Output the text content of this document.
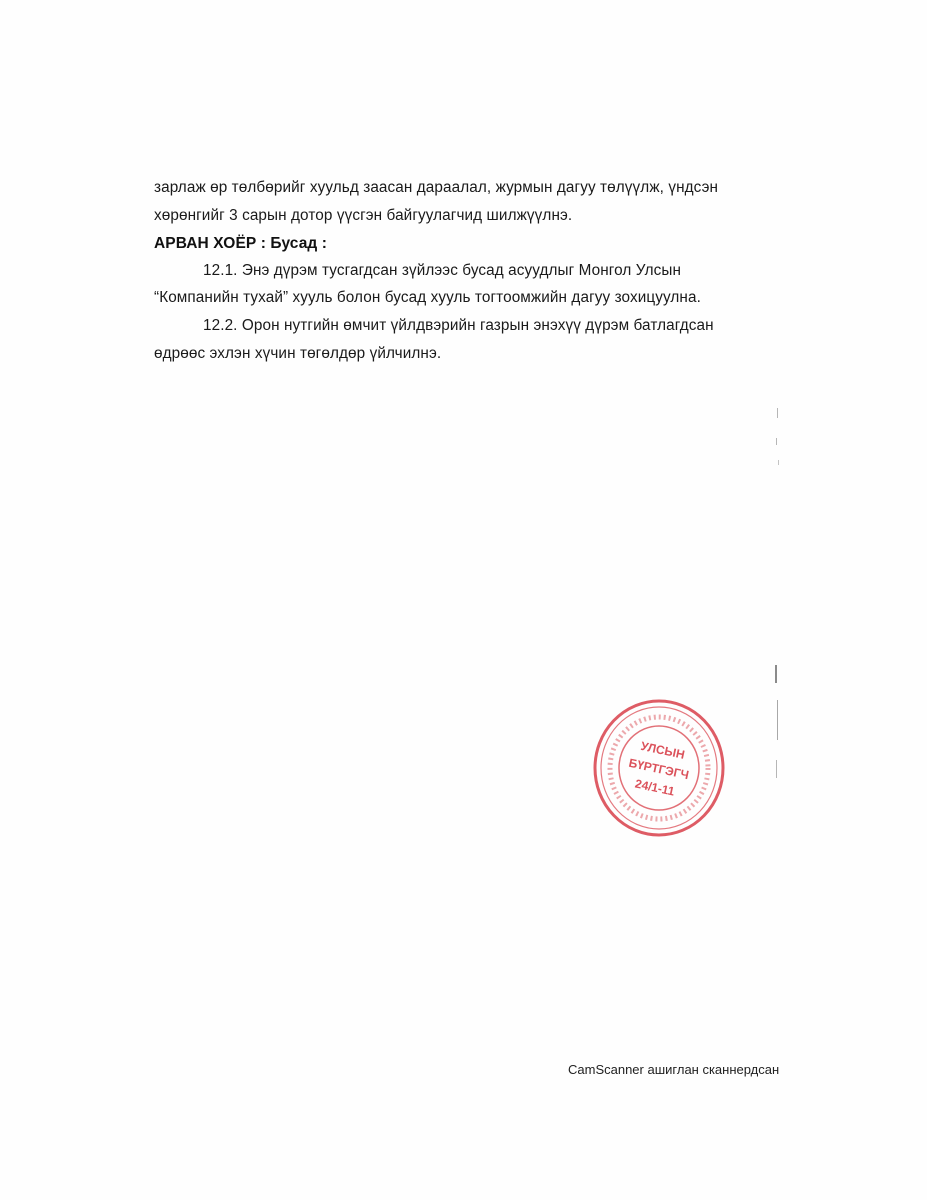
зарлаж өр төлбөрийг хуульд заасан дараалал, журмын дагуу төлүүлж, үндсэн
хөрөнгийг 3 сарын дотор үүсгэн байгуулагчид шилжүүлнэ.
АРВАН ХОЁР : Бусад :
12.1. Энэ дүрэм тусгагдсан зүйлээс бусад асуудлыг Монгол Улсын
“Компанийн тухай” хууль болон бусад хууль тогтоомжийн дагуу зохицуулна.
12.2. Орон нутгийн өмчит үйлдвэрийн газрын энэхүү дүрэм батлагдсан
өдрөөс эхлэн хүчин төгөлдөр үйлчилнэ.
УЛСЫН
БҮРТГЭГЧ
24/1-11
CamScanner ашиглан сканнердсан
